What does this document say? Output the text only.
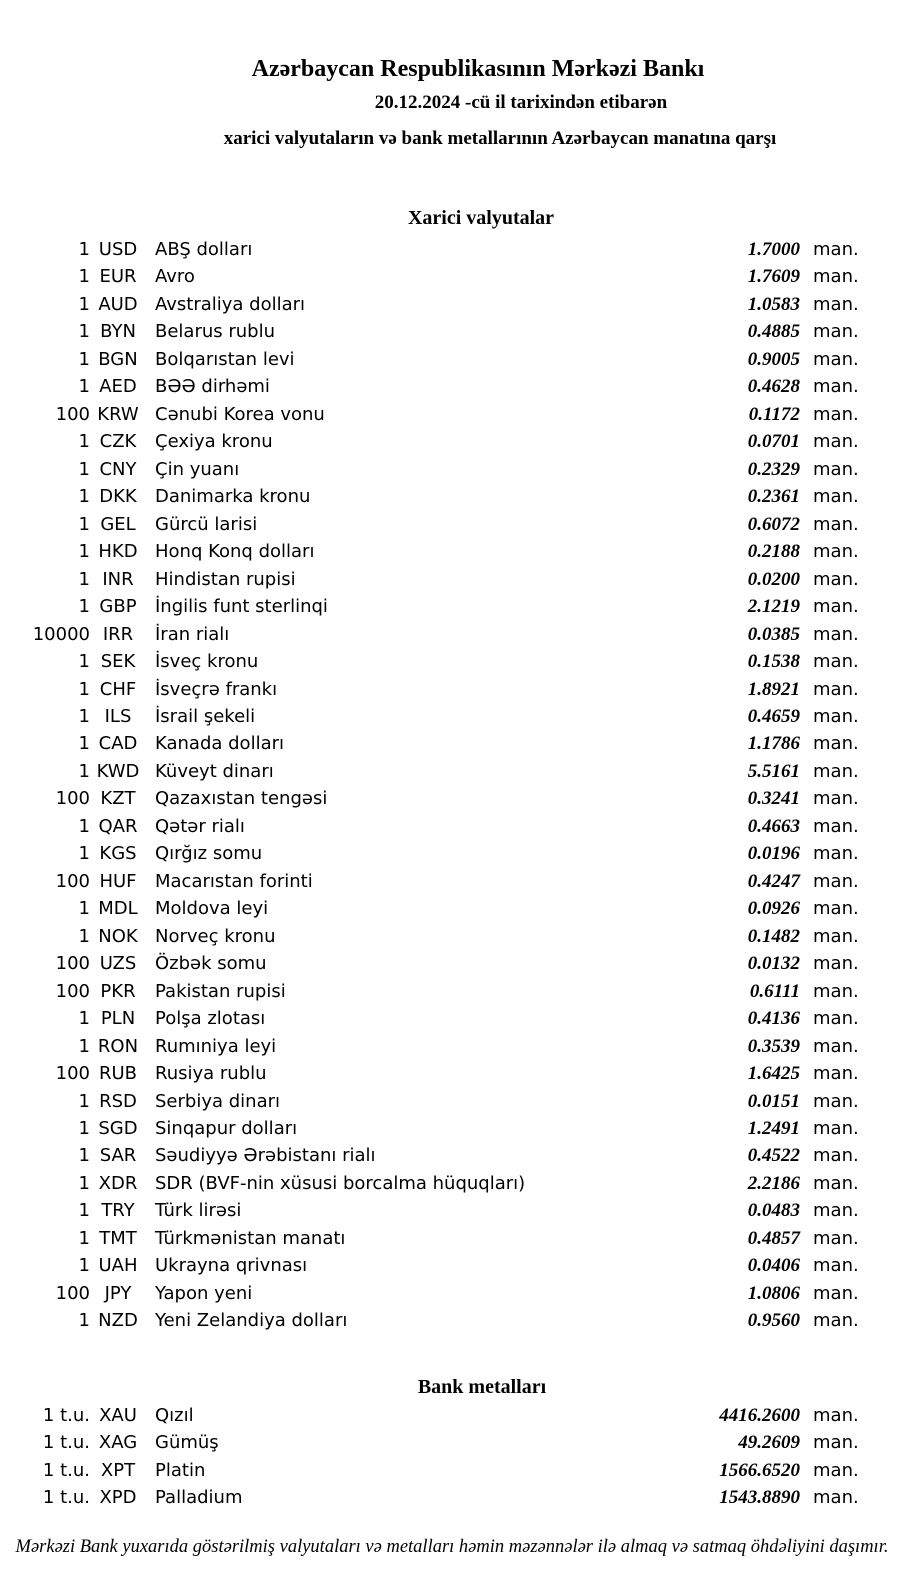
Azərbaycan Respublikasının Mərkəzi Bankı
20.12.2024 -cü il tarixindən etibarən
xarici valyutaların və bank metallarının Azərbaycan manatına qarşı
Xarici valyutalar
1 USD ABŞ dolları	1.7000 man.
1 EUR	Avro	1.7609 man.
1 AUD Avstraliya dolları	1.0583 man.
1 BYN	Belarus rublu	0.4885 man.
1 BGN Bolqarıstan levi	0.9005 man.
1 AED	BƏƏ dirhəmi	0.4628 man.
100 KRW Cənubi Korea vonu	0.1172 man.
1 CZK	Çexiya kronu	0.0701 man.
1 CNY	Çin yuanı	0.2329 man.
1 DKK	Danimarka kronu	0.2361 man.
1 GEL	Gürcü larisi	0.6072 man.
1 HKD Honq Konq dolları	0.2188 man.
1 INR	Hindistan rupisi	0.0200 man.
1 GBP	İngilis funt sterlinqi	2.1219 man.
10000 IRR	İran rialı	0.0385 man.
1 SEK	İsveç kronu	0.1538 man.
1 CHF	İsveçrə frankı	1.8921 man.
1 ILS	İsrail şekeli	0.4659 man.
1 CAD Kanada dolları	1.1786 man.
1 KWD Küveyt dinarı	5.5161 man.
100 KZT	Qazaxıstan tengəsi	0.3241 man.
1 QAR Qətər rialı	0.4663 man.
1 KGS	Qırğız somu	0.0196 man.
100 HUF	Macarıstan forinti	0.4247 man.
1 MDL Moldova leyi	0.0926 man.
1 NOK Norveç kronu	0.1482 man.
100 UZS	Özbək somu	0.0132 man.
100 PKR	Pakistan rupisi	0.6111 man.
1 PLN	Polşa zlotası	0.4136 man.
1 RON Rumıniya leyi	0.3539 man.
100 RUB Rusiya rublu	1.6425 man.
1 RSD	Serbiya dinarı	0.0151 man.
1 SGD Sinqapur dolları	1.2491 man.
1 SAR	Səudiyyə Ərəbistanı rialı	0.4522 man.
1 XDR SDR (BVF-nin xüsusi borcalma hüquqları)	2.2186 man.
1 TRY	Türk lirəsi	0.0483 man.
1 TMT	Türkmənistan manatı	0.4857 man.
1 UAH Ukrayna qrivnası	0.0406 man.
100 JPY	Yapon yeni	1.0806 man.
1 NZD Yeni Zelandiya dolları	0.9560 man.
Bank metalları
1 t.u. XAU	Qızıl	4416.2600 man.
1 t.u. XAG Gümüş	49.2609 man.
1 t.u. XPT	Platin	1566.6520 man.
1 t.u. XPD	Palladium	1543.8890 man.
Mərkəzi Bank yuxarıda göstərilmiş valyutaları və metalları həmin məzənnələr ilə almaq və satmaq öhdəliyini daşımır.
